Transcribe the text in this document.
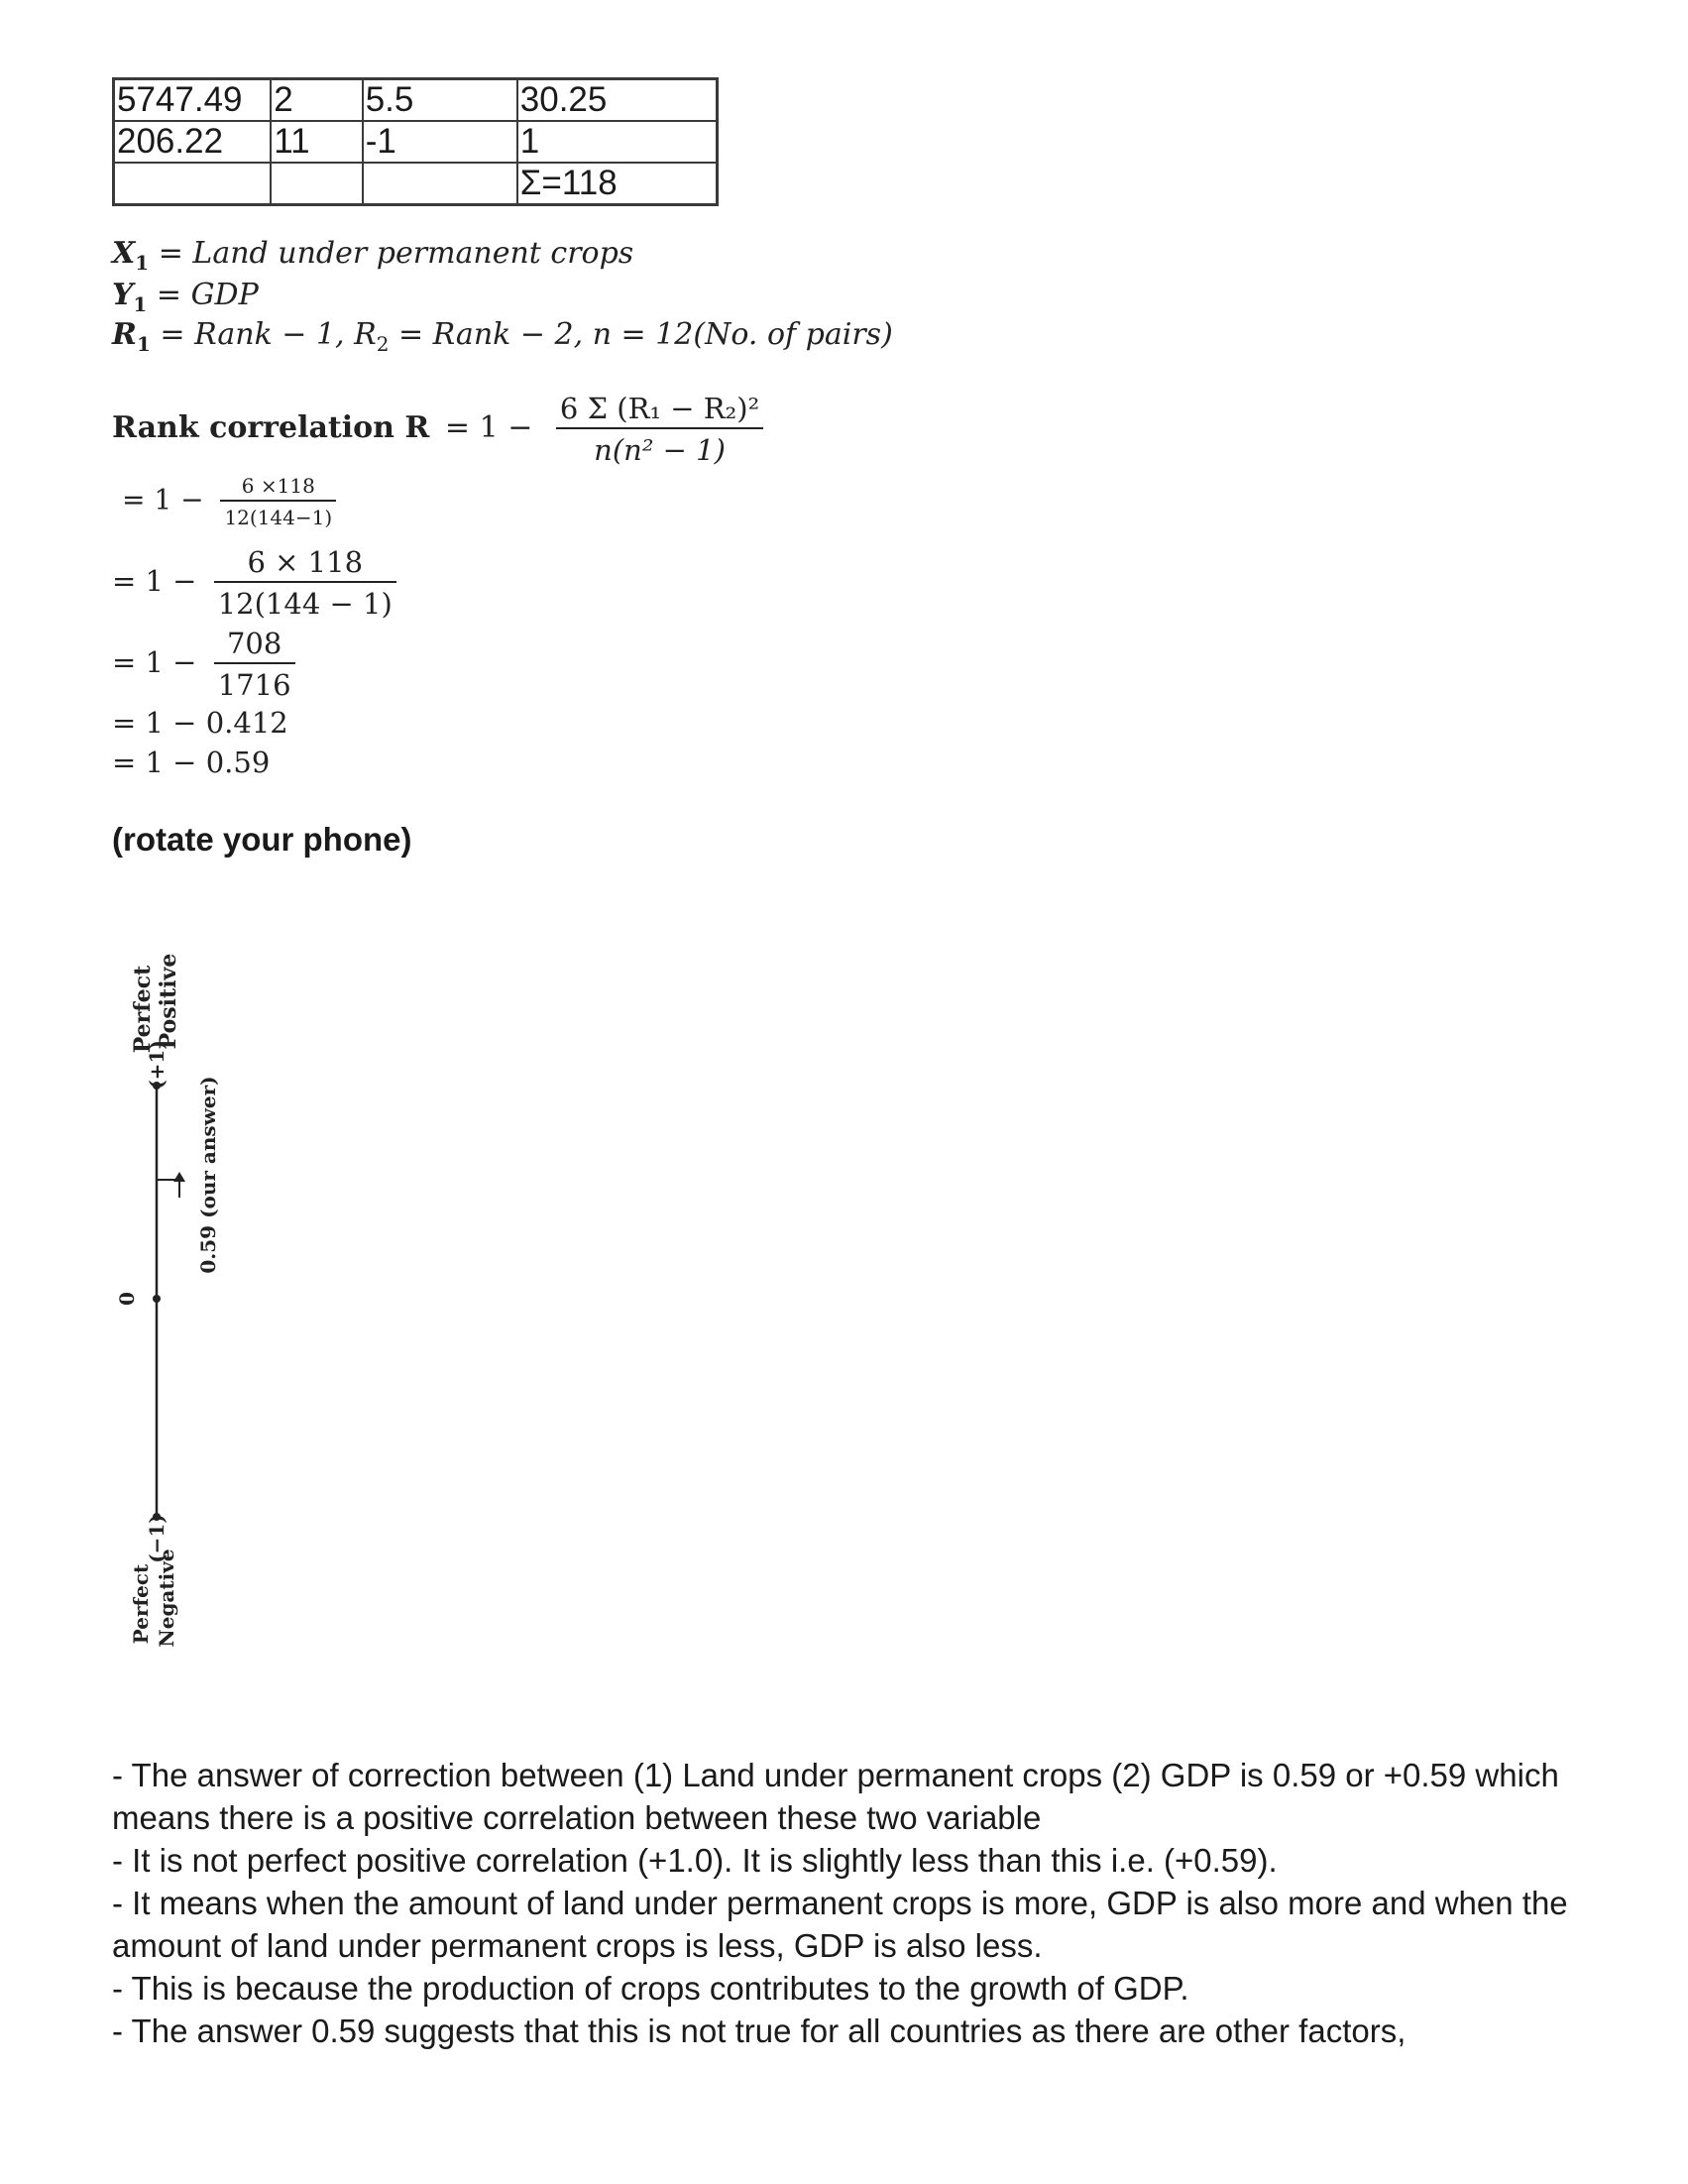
5747.49	2	5.5	30.25
206.22	11	-1	1
			Σ=118
$X_1$ = Land under permanent crops
$Y_1$ = GDP
$R_1$ = Rank − 1, $R_2$ = Rank − 2, n = 12(No. of pairs)
Rank correlation $R = 1 - \frac{\text{6 Σ (R₁ − R₂)²}}{\text{n(n² − 1)}}$
= $1 - \frac{6 \times 118}{12(144-1)}$
= $1 - \frac{6 \times 118}{12(144 - 1)}$
= $1 - \frac{708}{1716}$
= 1 − 0.412
= 1 − 0.59
(rotate your phone)
Perfect Positive
(+1)
0
0.59 (our answer)
(−1)
Perfect Negative

- The answer of correction between (1) Land under permanent crops (2) GDP is 0.59 or +0.59 which means there is a positive correlation between these two variable

- It is not perfect positive correlation (+1.0). It is slightly less than this i.e. (+0.59).

- It means when the amount of land under permanent crops is more, GDP is also more and when the amount of land under permanent crops is less, GDP is also less.

- This is because the production of crops contributes to the growth of GDP.

- The answer 0.59 suggests that this is not true for all countries as there are other factors,
